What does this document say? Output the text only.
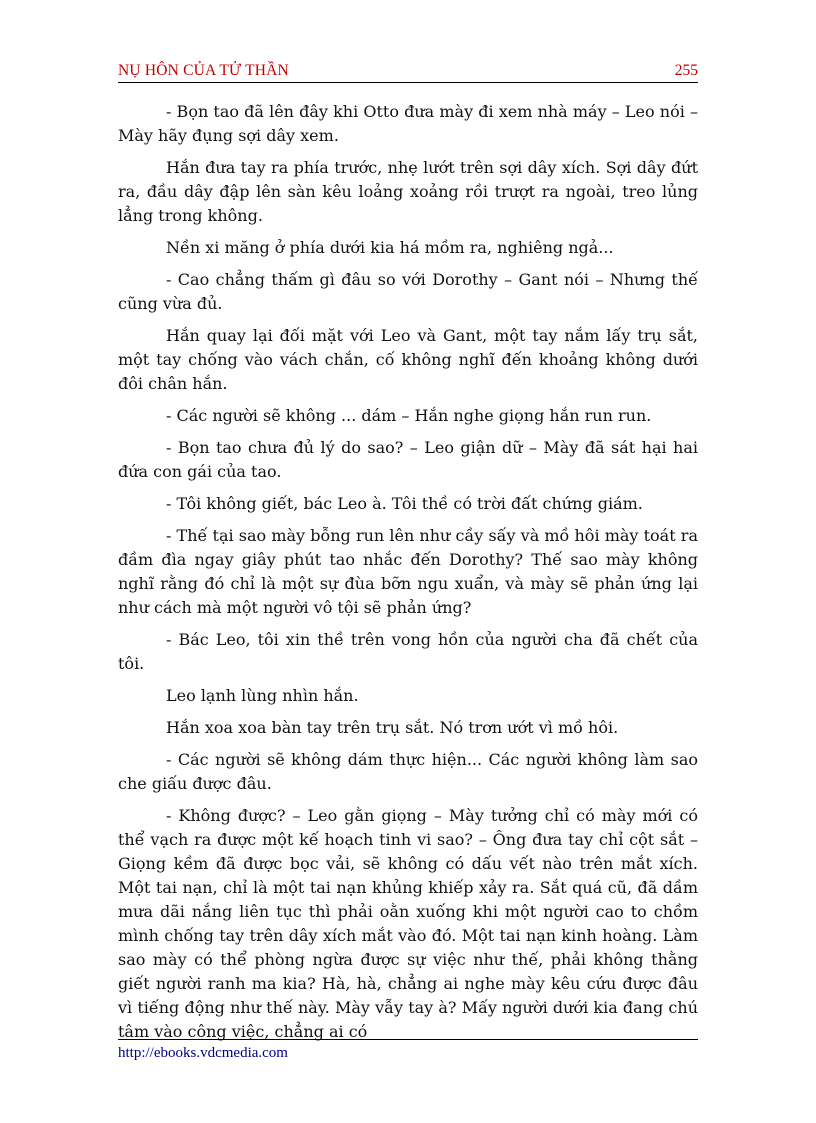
NỤ HÔN CỦA TỬ THẦN	255

- Bọn tao đã lên đây khi Otto đưa mày đi xem nhà máy – Leo nói – Mày hãy đụng sợi dây xem.

Hắn đưa tay ra phía trước, nhẹ lướt trên sợi dây xích. Sợi dây đứt ra, đầu dây đập lên sàn kêu loảng xoảng rồi trượt ra ngoài, treo lủng lẳng trong không.

Nền xi măng ở phía dưới kia há mồm ra, nghiêng ngả...

- Cao chẳng thấm gì đâu so với Dorothy – Gant nói – Nhưng thế cũng vừa đủ.

Hắn quay lại đối mặt với Leo và Gant, một tay nắm lấy trụ sắt, một tay chống vào vách chắn, cố không nghĩ đến khoảng không dưới đôi chân hắn.

- Các người sẽ không ... dám – Hắn nghe giọng hắn run run.

- Bọn tao chưa đủ lý do sao? – Leo giận dữ – Mày đã sát hại hai đứa con gái của tao.

- Tôi không giết, bác Leo à. Tôi thề có trời đất chứng giám.

- Thế tại sao mày bỗng run lên như cầy sấy và mồ hôi mày toát ra đầm đìa ngay giây phút tao nhắc đến Dorothy? Thế sao mày không nghĩ rằng đó chỉ là một sự đùa bỡn ngu xuẩn, và mày sẽ phản ứng lại như cách mà một người vô tội sẽ phản ứng?

- Bác Leo, tôi xin thề trên vong hồn của người cha đã chết của tôi.

Leo lạnh lùng nhìn hắn.

Hắn xoa xoa bàn tay trên trụ sắt. Nó trơn ướt vì mồ hôi.

- Các người sẽ không dám thực hiện... Các người không làm sao che giấu được đâu.

- Không được? – Leo gằn giọng – Mày tưởng chỉ có mày mới có thể vạch ra được một kế hoạch tinh vi sao? – Ông đưa tay chỉ cột sắt – Giọng kềm đã được bọc vải, sẽ không có dấu vết nào trên mắt xích. Một tai nạn, chỉ là một tai nạn khủng khiếp xảy ra. Sắt quá cũ, đã dầm mưa dãi nắng liên tục thì phải oằn xuống khi một người cao to chồm mình chống tay trên dây xích mắt vào đó. Một tai nạn kinh hoàng. Làm sao mày có thể phòng ngừa được sự việc như thế, phải không thằng giết người ranh ma kia? Hà, hà, chẳng ai nghe mày kêu cứu được đâu vì tiếng động như thế này. Mày vẫy tay à? Mấy người dưới kia đang chú tâm vào công việc, chẳng ai có

http://ebooks.vdcmedia.com
